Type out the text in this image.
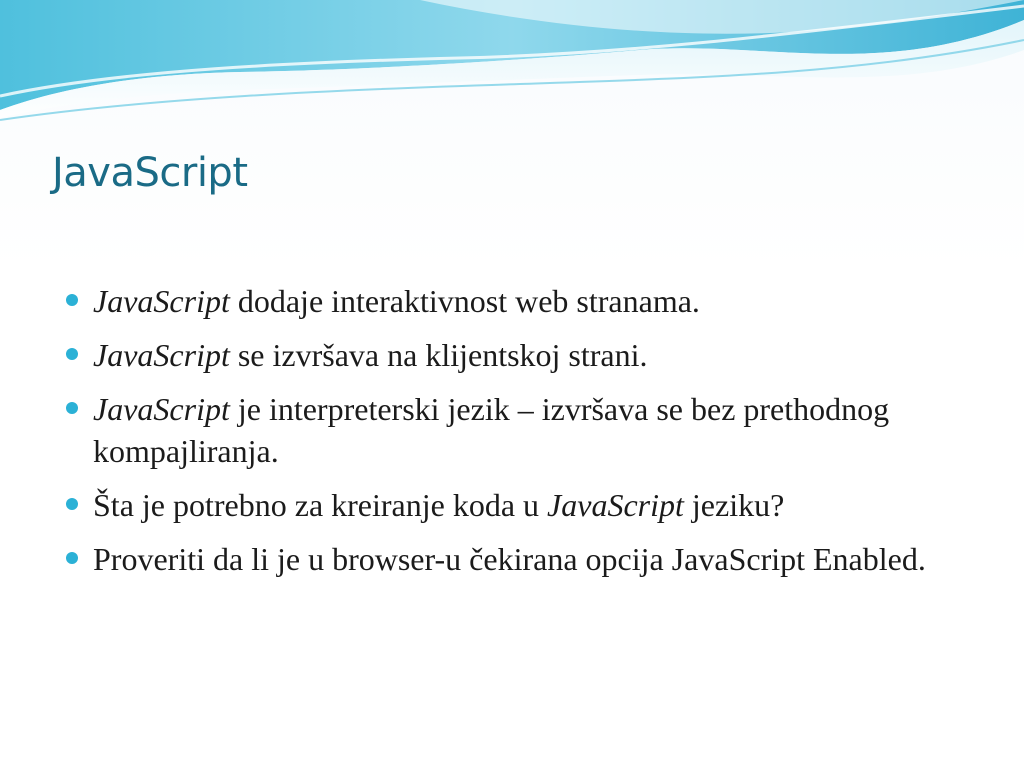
JavaScript
JavaScript dodaje interaktivnost web stranama.
JavaScript se izvršava na klijentskoj strani.
JavaScript je interpreterski jezik – izvršava se bez prethodnog kompajliranja.
Šta je potrebno za kreiranje koda u JavaScript jeziku?
Proveriti da li je u browser-u čekirana opcija JavaScript Enabled.
